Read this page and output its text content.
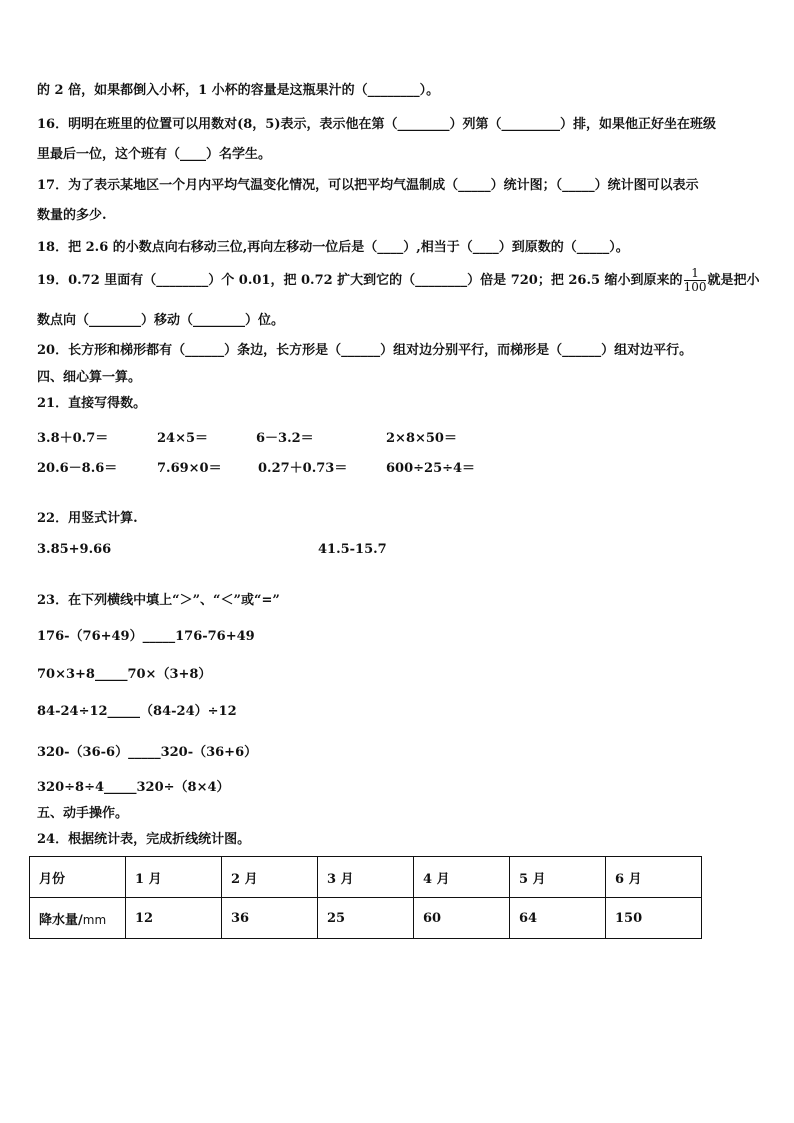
的 2 倍，如果都倒入小杯，1 小杯的容量是这瓶果汁的（________）。
16．明明在班里的位置可以用数对(8，5)表示，表示他在第（________）列第（_________）排，如果他正好坐在班级
里最后一位，这个班有（____）名学生。
17．为了表示某地区一个月内平均气温变化情况，可以把平均气温制成（_____）统计图；（_____）统计图可以表示
数量的多少.
18．把 2.6 的小数点向右移动三位,再向左移动一位后是（____）,相当于（____）到原数的（_____）。
19．0.72 里面有（________）个 0.01，把 0.72 扩大到它的（________）倍是 720；把 26.5 缩小到原来的 $\frac{1}{100}$ 就是把小
数点向（________）移动（________）位。
20．长方形和梯形都有（______）条边，长方形是（______）组对边分别平行，而梯形是（______）组对边平行。
四、细心算一算。
21．直接写得数。
3.8＋0.7＝	24×5＝	6－3.2＝	2×8×50＝
20.6－8.6＝	7.69×0＝	0.27＋0.73＝	600÷25÷4＝
22．用竖式计算.
3.85+9.66	41.5-15.7
23．在下列横线中填上“＞”、“＜”或“=”
176-（76+49）_____176-76+49
70×3+8_____70×（3+8）
84-24÷12_____（84-24）÷12
320-（36-6）_____320-（36+6）
320÷8÷4_____320÷（8×4）
五、动手操作。
24．根据统计表，完成折线统计图。
月份	1 月	2 月	3 月	4 月	5 月	6 月
降水量/mm	12	36	25	60	64	150
